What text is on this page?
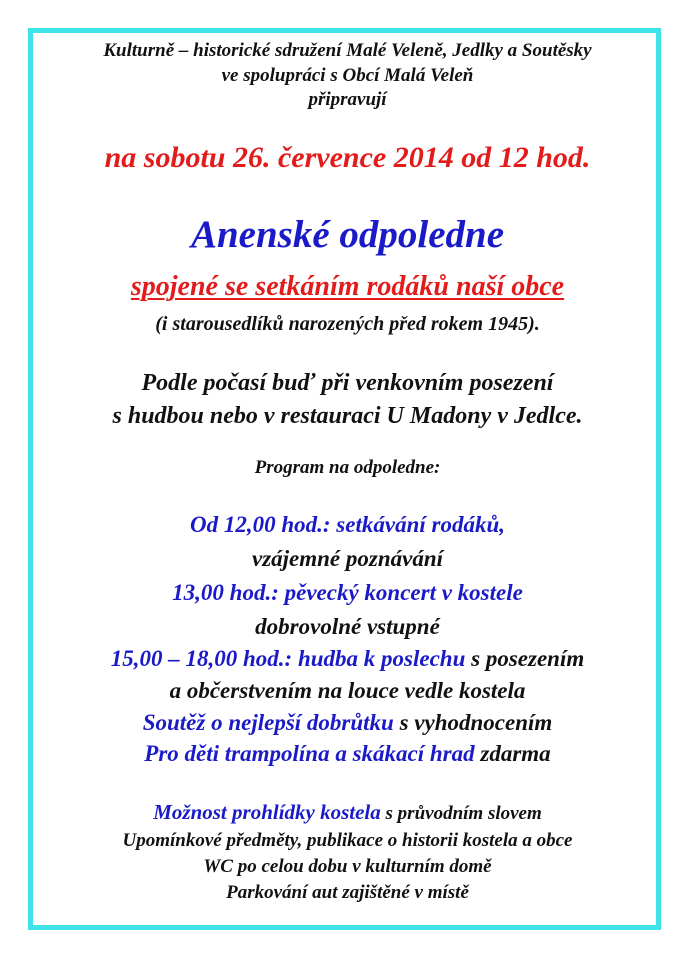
Kulturně – historické sdružení Malé Veleně, Jedlky a Soutěsky

ve spolupráci s Obcí Malá Veleň

připravují

na sobotu 26. července 2014 od 12 hod.

Anenské odpoledne

spojené se setkáním rodáků naší obce

(i starousedlíků narozených před rokem 1945).

Podle počasí buď při venkovním posezení

s hudbou nebo v restauraci U Madony v Jedlce.

Program na odpoledne:

Od 12,00 hod.: setkávání rodáků,

vzájemné poznávání

13,00 hod.: pěvecký koncert v kostele

dobrovolné vstupné

15,00 – 18,00 hod.: hudba k poslechu s posezením

a občerstvením na louce vedle kostela

Soutěž o nejlepší dobrůtku s vyhodnocením

Pro děti trampolína a skákací hrad zdarma

Možnost prohlídky kostela s průvodním slovem

Upomínkové předměty, publikace o historii kostela a obce

WC po celou dobu v kulturním domě

Parkování aut zajištěné v místě
